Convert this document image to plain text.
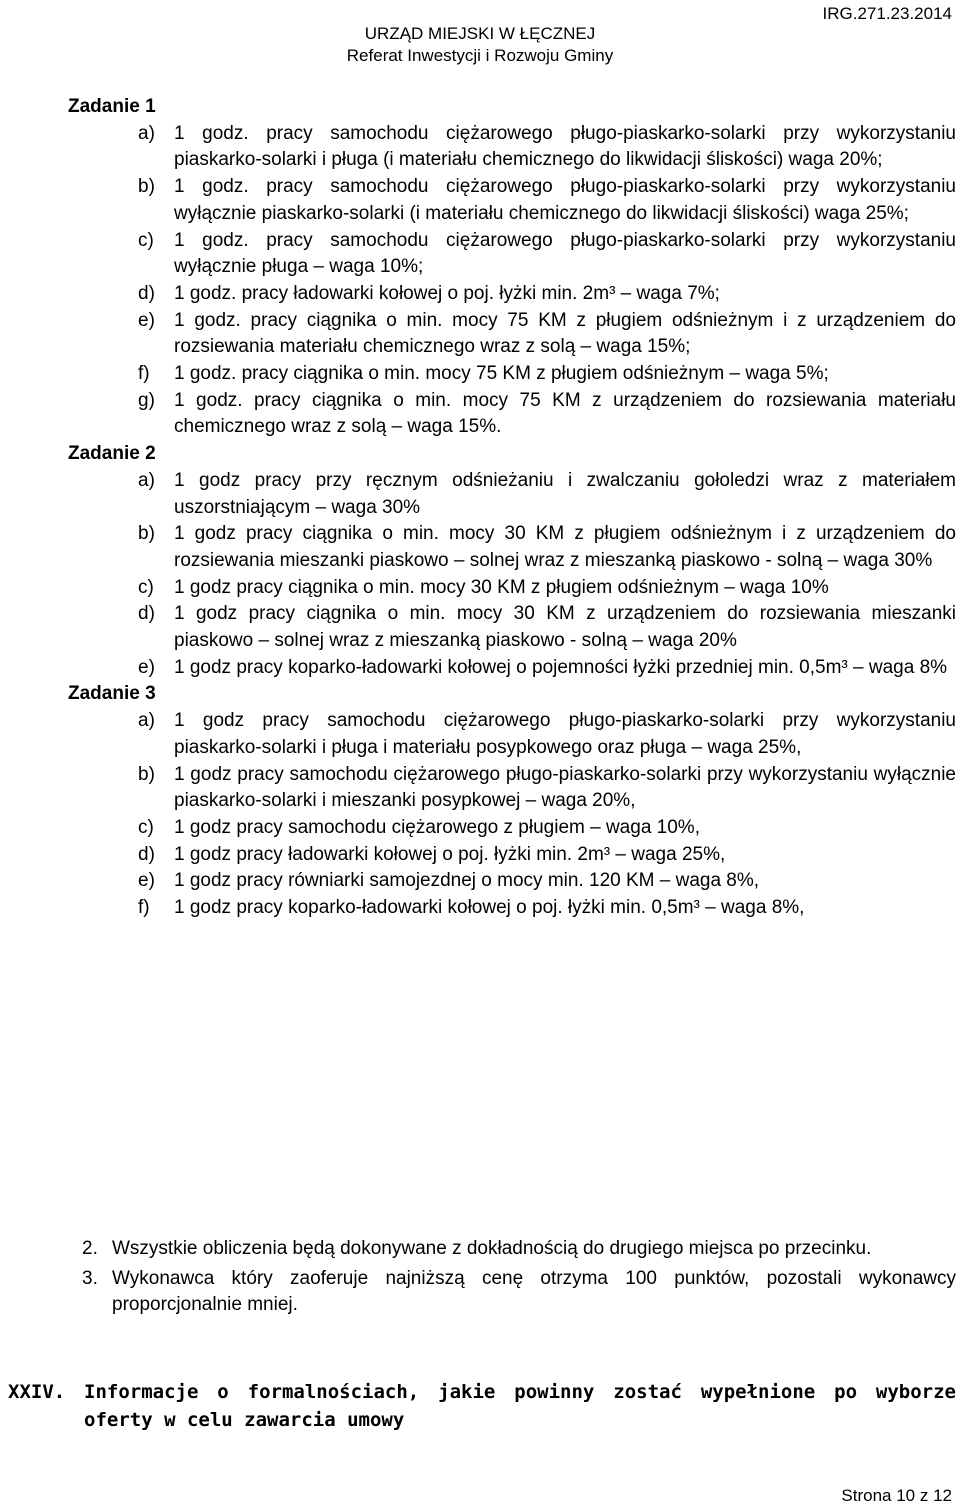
IRG.271.23.2014
URZĄD MIEJSKI W ŁĘCZNEJ
Referat Inwestycji i Rozwoju Gminy
Zadanie 1
a)	1 godz. pracy samochodu ciężarowego pługo-piaskarko-solarki przy wykorzystaniu piaskarko-solarki i pługa (i materiału chemicznego do likwidacji śliskości) waga 20%;
b)	1 godz. pracy samochodu ciężarowego pługo-piaskarko-solarki przy wykorzystaniu wyłącznie piaskarko-solarki (i materiału chemicznego do likwidacji śliskości) waga 25%;
c)	1 godz. pracy samochodu ciężarowego pługo-piaskarko-solarki przy wykorzystaniu wyłącznie pługa – waga 10%;
d)	1 godz. pracy ładowarki kołowej o poj. łyżki min. 2m³ – waga 7%;
e)	1 godz. pracy ciągnika o min. mocy 75 KM z pługiem odśnieżnym i z urządzeniem do rozsiewania materiału chemicznego wraz z solą – waga 15%;
f)	1 godz. pracy ciągnika o min. mocy 75 KM z pługiem odśnieżnym – waga 5%;
g)	1 godz. pracy ciągnika o min. mocy 75 KM z urządzeniem do rozsiewania materiału chemicznego wraz z solą – waga 15%.
Zadanie 2
a)	1 godz pracy przy ręcznym odśnieżaniu i zwalczaniu gołoledzi wraz z materiałem uszorstniającym – waga 30%
b)	1 godz pracy ciągnika o min. mocy 30 KM z pługiem odśnieżnym i z urządzeniem do rozsiewania mieszanki piaskowo – solnej wraz z mieszanką piaskowo - solną – waga 30%
c)	1 godz pracy ciągnika o min. mocy 30 KM z pługiem odśnieżnym – waga 10%
d)	1 godz pracy ciągnika o min. mocy 30 KM z urządzeniem do rozsiewania mieszanki piaskowo – solnej wraz z mieszanką piaskowo - solną – waga 20%
e)	1 godz pracy koparko-ładowarki kołowej o pojemności łyżki przedniej min. 0,5m³ – waga 8%
Zadanie 3
a)	1 godz pracy samochodu ciężarowego pługo-piaskarko-solarki przy wykorzystaniu piaskarko-solarki i pługa i materiału posypkowego oraz pługa – waga 25%,
b)	1 godz pracy samochodu ciężarowego pługo-piaskarko-solarki przy wykorzystaniu wyłącznie piaskarko-solarki i mieszanki posypkowej – waga 20%,
c)	1 godz pracy samochodu ciężarowego z pługiem – waga 10%,
d)	1 godz pracy ładowarki kołowej o poj. łyżki min. 2m³ – waga 25%,
e)	1 godz pracy równiarki samojezdnej o mocy min. 120 KM – waga 8%,
f)	1 godz pracy koparko-ładowarki kołowej o poj. łyżki min. 0,5m³ – waga 8%,
2. Wszystkie obliczenia będą dokonywane z dokładnością do drugiego miejsca po przecinku.
3. Wykonawca który zaoferuje najniższą cenę otrzyma 100 punktów, pozostali wykonawcy proporcjonalnie mniej.
XXIV. Informacje o formalnościach, jakie powinny zostać wypełnione po wyborze oferty w celu zawarcia umowy
Strona 10 z 12
